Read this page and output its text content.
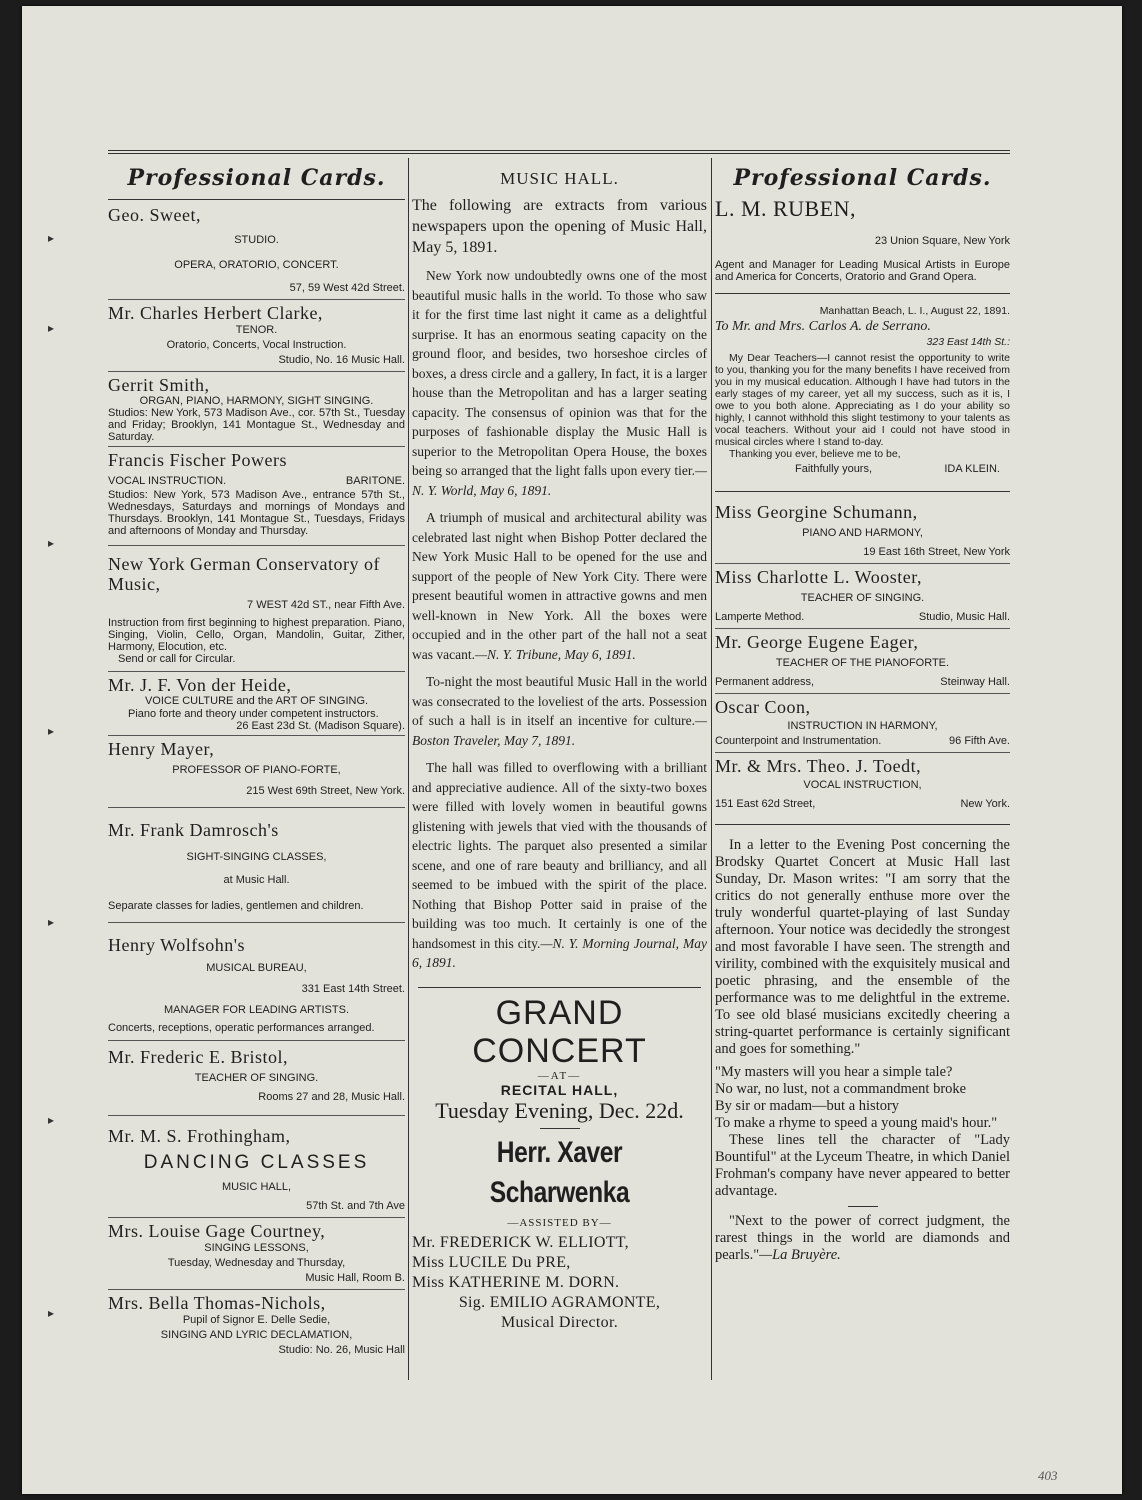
▸
▸
▸
▸
▸
▸
▸
Professional Cards.
Geo. Sweet,
STUDIO.
OPERA, ORATORIO, CONCERT.
57, 59 West 42d Street.
Mr. Charles Herbert Clarke,
TENOR.
Oratorio, Concerts, Vocal Instruction.
Studio, No. 16 Music Hall.
Gerrit Smith,
ORGAN, PIANO, HARMONY, SIGHT SINGING.
Studios: New York, 573 Madison Ave., cor. 57th St., Tuesday and Friday; Brooklyn, 141 Montague St., Wednesday and Saturday.
Francis Fischer Powers
VOCAL INSTRUCTION.	BARITONE.
Studios: New York, 573 Madison Ave., entrance 57th St., Wednesdays, Saturdays and mornings of Mondays and Thursdays. Brooklyn, 141 Montague St., Tuesdays, Fridays and afternoons of Monday and Thursday.
New York German Conservatory of Music,
7 WEST 42d ST., near Fifth Ave.
Instruction from first beginning to highest preparation. Piano, Singing, Violin, Cello, Organ, Mandolin, Guitar, Zither, Harmony, Elocution, etc.
Send or call for Circular.
Mr. J. F. Von der Heide,
VOICE CULTURE and the ART OF SINGING.
Piano forte and theory under competent instructors.
26 East 23d St. (Madison Square).
Henry Mayer,
PROFESSOR OF PIANO-FORTE,
215 West 69th Street, New York.
Mr. Frank Damrosch's
SIGHT-SINGING CLASSES,
at Music Hall.
Separate classes for ladies, gentlemen and children.
Henry Wolfsohn's
MUSICAL BUREAU,
331 East 14th Street.
MANAGER FOR LEADING ARTISTS.
Concerts, receptions, operatic performances arranged.
Mr. Frederic E. Bristol,
TEACHER OF SINGING.
Rooms 27 and 28, Music Hall.
Mr. M. S. Frothingham,
DANCING CLASSES
MUSIC HALL,
57th St. and 7th Ave
Mrs. Louise Gage Courtney,
SINGING LESSONS,
Tuesday, Wednesday and Thursday,
Music Hall, Room B.
Mrs. Bella Thomas-Nichols,
Pupil of Signor E. Delle Sedie,
SINGING AND LYRIC DECLAMATION,
Studio: No. 26, Music Hall
MUSIC HALL.
The following are extracts from various newspapers upon the opening of Music Hall, May 5, 1891.
New York now undoubtedly owns one of the most beautiful music halls in the world. To those who saw it for the first time last night it came as a delightful surprise. It has an enormous seating capacity on the ground floor, and besides, two horseshoe circles of boxes, a dress circle and a gallery, In fact, it is a larger house than the Metropolitan and has a larger seating capacity. The consensus of opinion was that for the purposes of fashionable display the Music Hall is superior to the Metropolitan Opera House, the boxes being so arranged that the light falls upon every tier.—N. Y. World, May 6, 1891.
A triumph of musical and architectural ability was celebrated last night when Bishop Potter declared the New York Music Hall to be opened for the use and support of the people of New York City. There were present beautiful women in attractive gowns and men well-known in New York. All the boxes were occupied and in the other part of the hall not a seat was vacant.—N. Y. Tribune, May 6, 1891.
To-night the most beautiful Music Hall in the world was consecrated to the loveliest of the arts. Possession of such a hall is in itself an incentive for culture.—Boston Traveler, May 7, 1891.
The hall was filled to overflowing with a brilliant and appreciative audience. All of the sixty-two boxes were filled with lovely women in beautiful gowns glistening with jewels that vied with the thousands of electric lights. The parquet also presented a similar scene, and one of rare beauty and brilliancy, and all seemed to be imbued with the spirit of the place. Nothing that Bishop Potter said in praise of the building was too much. It certainly is one of the handsomest in this city.—N. Y. Morning Journal, May 6, 1891.
GRAND CONCERT
—AT—
RECITAL HALL,
Tuesday Evening, Dec. 22d.
Herr. Xaver Scharwenka
—ASSISTED BY—
Mr. FREDERICK W. ELLIOTT,
Miss LUCILE Du PRE,
Miss KATHERINE M. DORN.
Sig. EMILIO AGRAMONTE,
Musical Director.
Professional Cards.
L. M. RUBEN,
23 Union Square, New York
Agent and Manager for Leading Musical Artists in Europe and America for Concerts, Oratorio and Grand Opera.
Manhattan Beach, L. I., August 22, 1891.
To Mr. and Mrs. Carlos A. de Serrano.
323 East 14th St.:
My Dear Teachers—I cannot resist the opportunity to write to you, thanking you for the many benefits I have received from you in my musical education. Although I have had tutors in the early stages of my career, yet all my success, such as it is, I owe to you both alone. Appreciating as I do your ability so highly, I cannot withhold this slight testimony to your talents as vocal teachers. Without your aid I could not have stood in musical circles where I stand to-day.
Thanking you ever, believe me to be,
Faithfully yours,	IDA KLEIN.
Miss Georgine Schumann,
PIANO AND HARMONY,
19 East 16th Street, New York
Miss Charlotte L. Wooster,
TEACHER OF SINGING.
Lamperte Method.	Studio, Music Hall.
Mr. George Eugene Eager,
TEACHER OF THE PIANOFORTE.
Permanent address,	Steinway Hall.
Oscar Coon,
INSTRUCTION IN HARMONY,
Counterpoint and Instrumentation.	96 Fifth Ave.
Mr. & Mrs. Theo. J. Toedt,
VOCAL INSTRUCTION,
151 East 62d Street,	New York.
In a letter to the Evening Post concerning the Brodsky Quartet Concert at Music Hall last Sunday, Dr. Mason writes: "I am sorry that the critics do not generally enthuse more over the truly wonderful quartet-playing of last Sunday afternoon. Your notice was decidedly the strongest and most favorable I have seen. The strength and virility, combined with the exquisitely musical and poetic phrasing, and the ensemble of the performance was to me delightful in the extreme. To see old blasé musicians excitedly cheering a string-quartet performance is certainly significant and goes for something."
"My masters will you hear a simple tale?
No war, no lust, not a commandment broke
By sir or madam—but a history
To make a rhyme to speed a young maid's hour."
These lines tell the character of "Lady Bountiful" at the Lyceum Theatre, in which Daniel Frohman's company have never appeared to better advantage.
"Next to the power of correct judgment, the rarest things in the world are diamonds and pearls."—La Bruyère.
403
